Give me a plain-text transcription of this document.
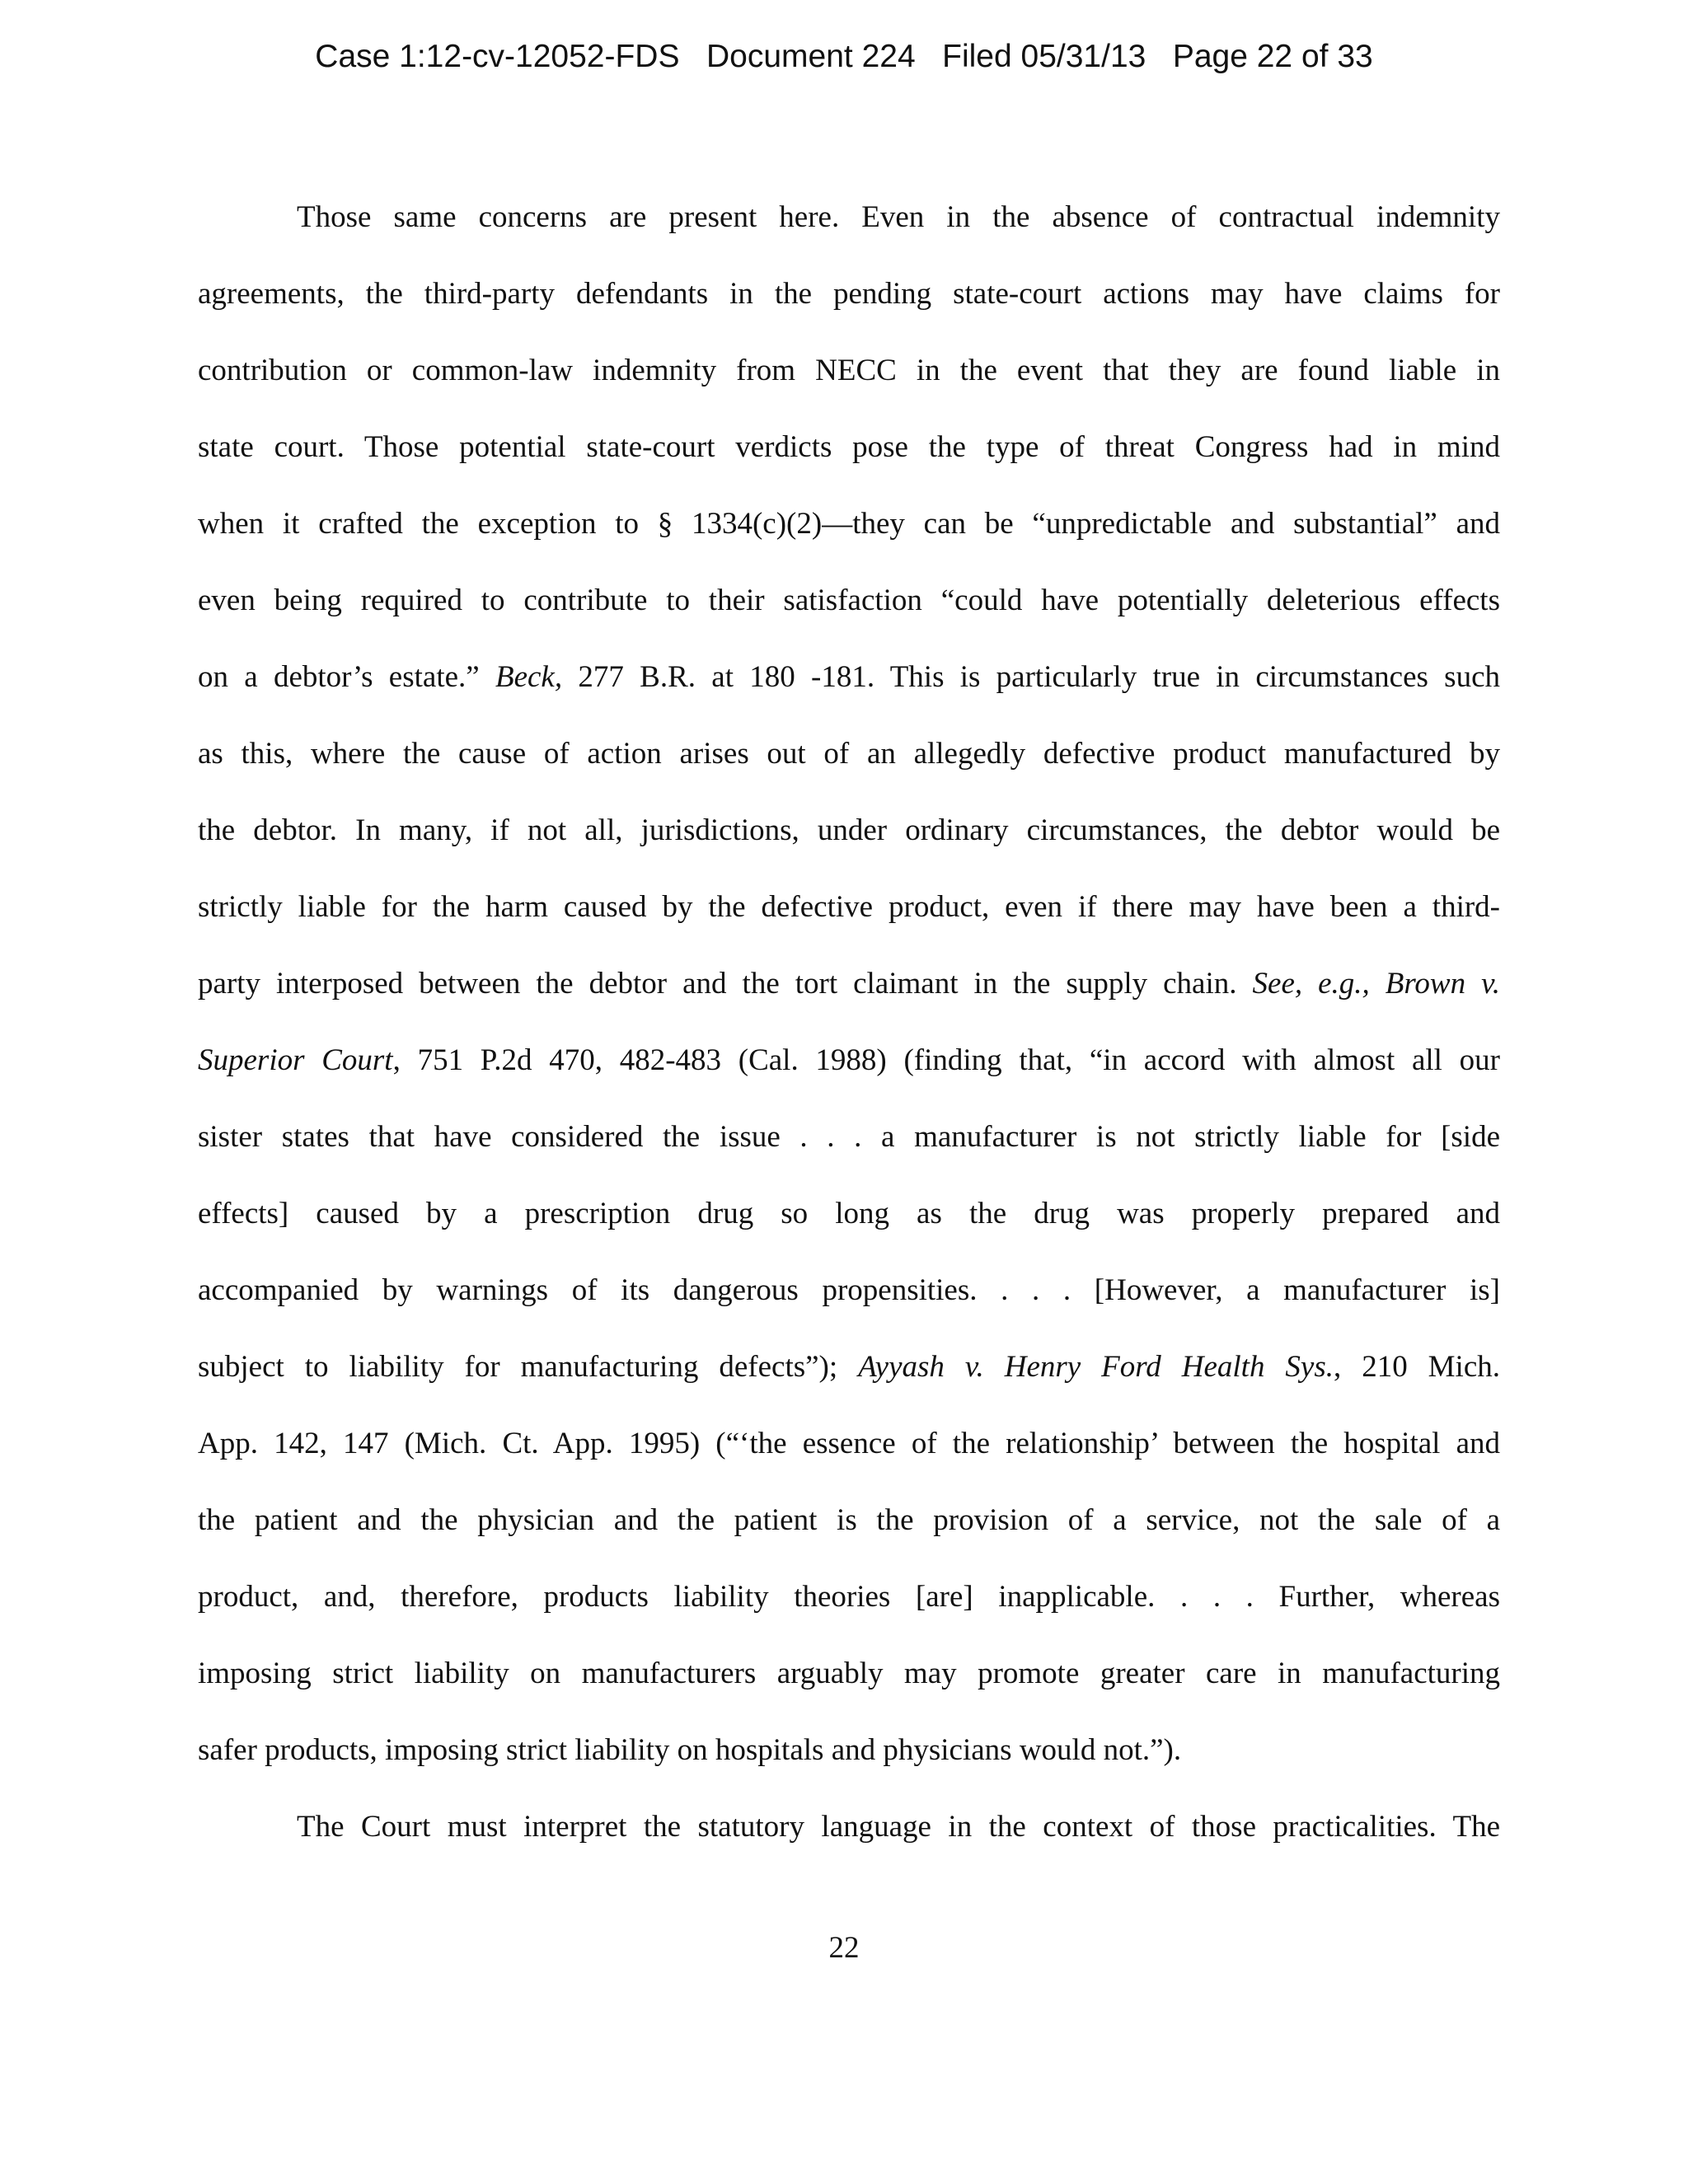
Case 1:12-cv-12052-FDS   Document 224   Filed 05/31/13   Page 22 of 33
Those same concerns are present here. Even in the absence of contractual indemnity
agreements, the third-party defendants in the pending state-court actions may have claims for
contribution or common-law indemnity from NECC in the event that they are found liable in
state court. Those potential state-court verdicts pose the type of threat Congress had in mind
when it crafted the exception to § 1334(c)(2)—they can be “unpredictable and substantial” and
even being required to contribute to their satisfaction “could have potentially deleterious effects
on a debtor’s estate.” Beck, 277 B.R. at 180 -181. This is particularly true in circumstances such
as this, where the cause of action arises out of an allegedly defective product manufactured by
the debtor. In many, if not all, jurisdictions, under ordinary circumstances, the debtor would be
strictly liable for the harm caused by the defective product, even if there may have been a third-
party interposed between the debtor and the tort claimant in the supply chain. See, e.g., Brown v.
Superior Court, 751 P.2d 470, 482-483 (Cal. 1988) (finding that, “in accord with almost all our
sister states that have considered the issue . . . a manufacturer is not strictly liable for [side
effects] caused by a prescription drug so long as the drug was properly prepared and
accompanied by warnings of its dangerous propensities. . . . [However, a manufacturer is]
subject to liability for manufacturing defects”); Ayyash v. Henry Ford Health Sys., 210 Mich.
App. 142, 147 (Mich. Ct. App. 1995) (“‘the essence of the relationship’ between the hospital and
the patient and the physician and the patient is the provision of a service, not the sale of a
product, and, therefore, products liability theories [are] inapplicable. . . . Further, whereas
imposing strict liability on manufacturers arguably may promote greater care in manufacturing
safer products, imposing strict liability on hospitals and physicians would not.”).
The Court must interpret the statutory language in the context of those practicalities. The
22
